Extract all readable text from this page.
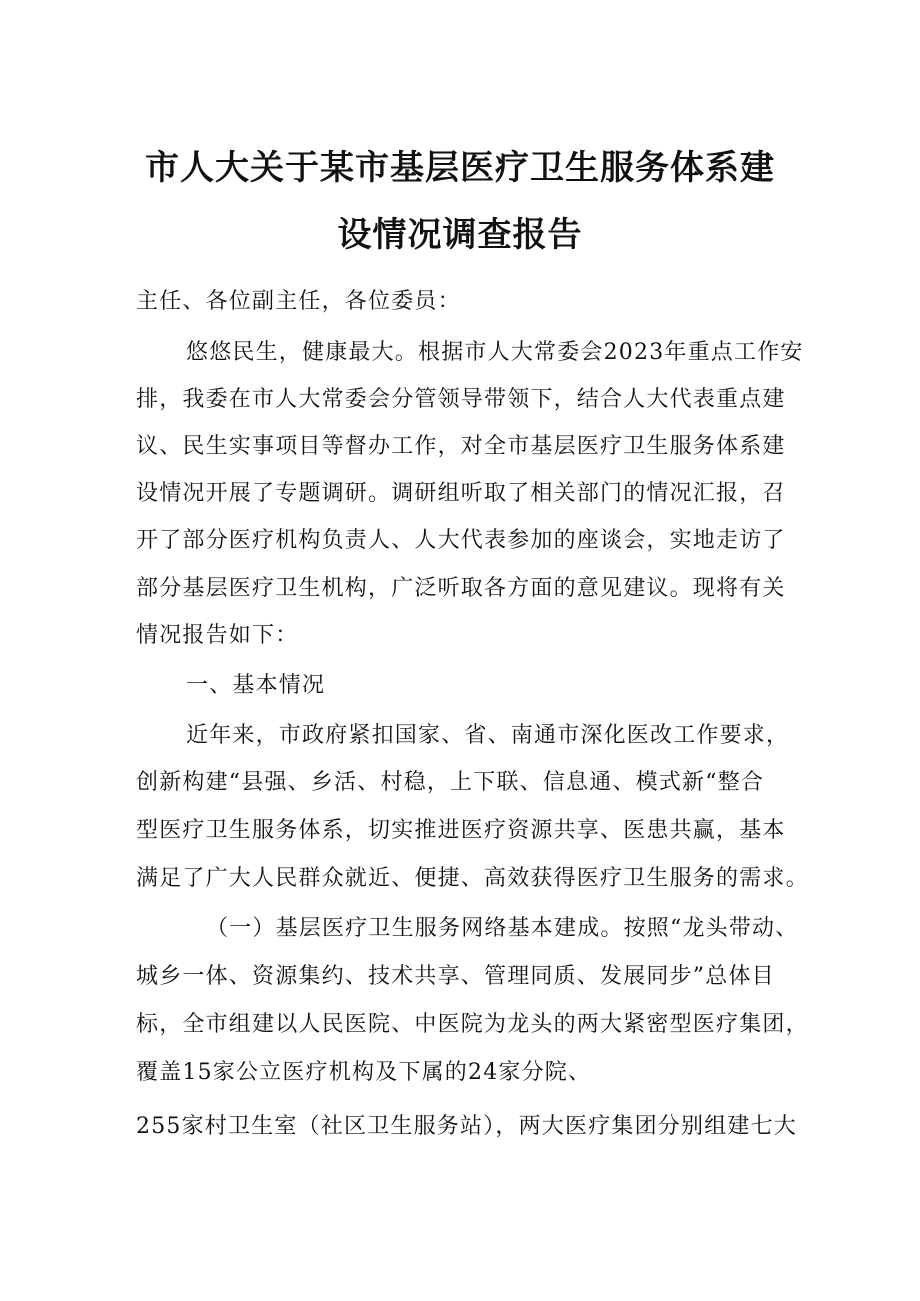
市人大关于某市基层医疗卫生服务体系建
设情况调查报告
主任、各位副主任，各位委员：
悠悠民生，健康最大。根据市人大常委会2023年重点工作安
排，我委在市人大常委会分管领导带领下，结合人大代表重点建
议、民生实事项目等督办工作，对全市基层医疗卫生服务体系建
设情况开展了专题调研。调研组听取了相关部门的情况汇报，召
开了部分医疗机构负责人、人大代表参加的座谈会，实地走访了
部分基层医疗卫生机构，广泛听取各方面的意见建议。现将有关
情况报告如下：
一、基本情况
近年来，市政府紧扣国家、省、南通市深化医改工作要求，
创新构建“县强、乡活、村稳，上下联、信息通、模式新“整合
型医疗卫生服务体系，切实推进医疗资源共享、医患共赢，基本
满足了广大人民群众就近、便捷、高效获得医疗卫生服务的需求。
（一）基层医疗卫生服务网络基本建成。按照“龙头带动、
城乡一体、资源集约、技术共享、管理同质、发展同步”总体目
标，全市组建以人民医院、中医院为龙头的两大紧密型医疗集团，
覆盖15家公立医疗机构及下属的24家分院、
255家村卫生室（社区卫生服务站），两大医疗集团分别组建七大
